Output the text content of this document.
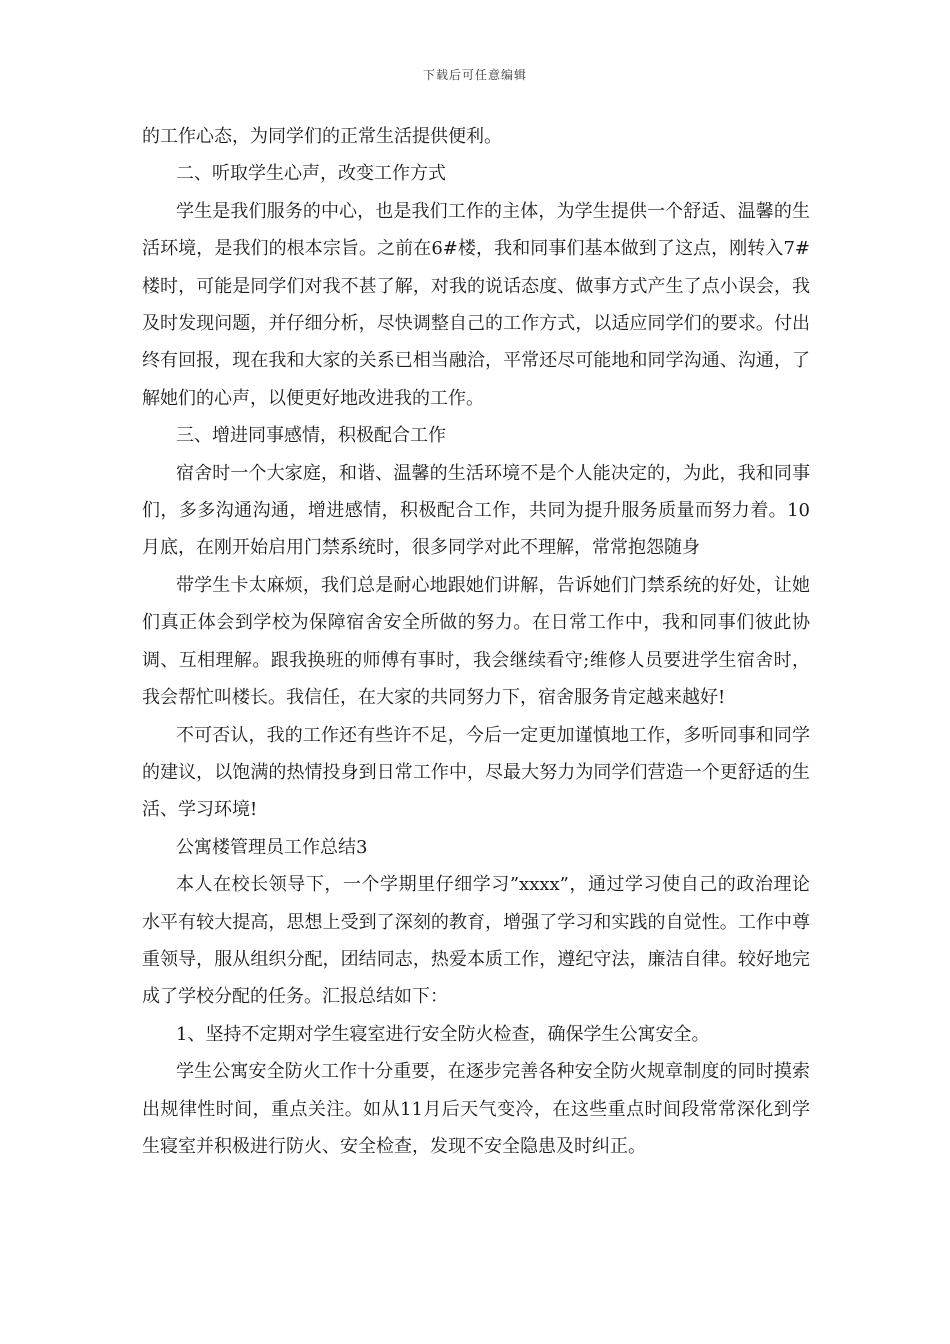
下载后可任意编辑

的工作心态，为同学们的正常生活提供便利。

二、听取学生心声，改变工作方式

学生是我们服务的中心，也是我们工作的主体，为学生提供一个舒适、温馨的生活环境，是我们的根本宗旨。之前在6#楼，我和同事们基本做到了这点，刚转入7#楼时，可能是同学们对我不甚了解，对我的说话态度、做事方式产生了点小误会，我及时发现问题，并仔细分析，尽快调整自己的工作方式，以适应同学们的要求。付出终有回报，现在我和大家的关系已相当融洽，平常还尽可能地和同学沟通、沟通，了解她们的心声，以便更好地改进我的工作。

三、增进同事感情，积极配合工作

宿舍时一个大家庭，和谐、温馨的生活环境不是个人能决定的，为此，我和同事们，多多沟通沟通，增进感情，积极配合工作，共同为提升服务质量而努力着。10月底，在刚开始启用门禁系统时，很多同学对此不理解，常常抱怨随身

带学生卡太麻烦，我们总是耐心地跟她们讲解，告诉她们门禁系统的好处，让她们真正体会到学校为保障宿舍安全所做的努力。在日常工作中，我和同事们彼此协调、互相理解。跟我换班的师傅有事时，我会继续看守;维修人员要进学生宿舍时，我会帮忙叫楼长。我信任，在大家的共同努力下，宿舍服务肯定越来越好!

不可否认，我的工作还有些许不足，今后一定更加谨慎地工作，多听同事和同学的建议，以饱满的热情投身到日常工作中，尽最大努力为同学们营造一个更舒适的生活、学习环境!

公寓楼管理员工作总结3

本人在校长领导下，一个学期里仔细学习”xxxx”，通过学习使自己的政治理论水平有较大提高，思想上受到了深刻的教育，增强了学习和实践的自觉性。工作中尊重领导，服从组织分配，团结同志，热爱本质工作，遵纪守法，廉洁自律。较好地完成了学校分配的任务。汇报总结如下：

1、坚持不定期对学生寝室进行安全防火检查，确保学生公寓安全。

学生公寓安全防火工作十分重要，在逐步完善各种安全防火规章制度的同时摸索出规律性时间，重点关注。如从11月后天气变冷，在这些重点时间段常常深化到学生寝室并积极进行防火、安全检查，发现不安全隐患及时纠正。
